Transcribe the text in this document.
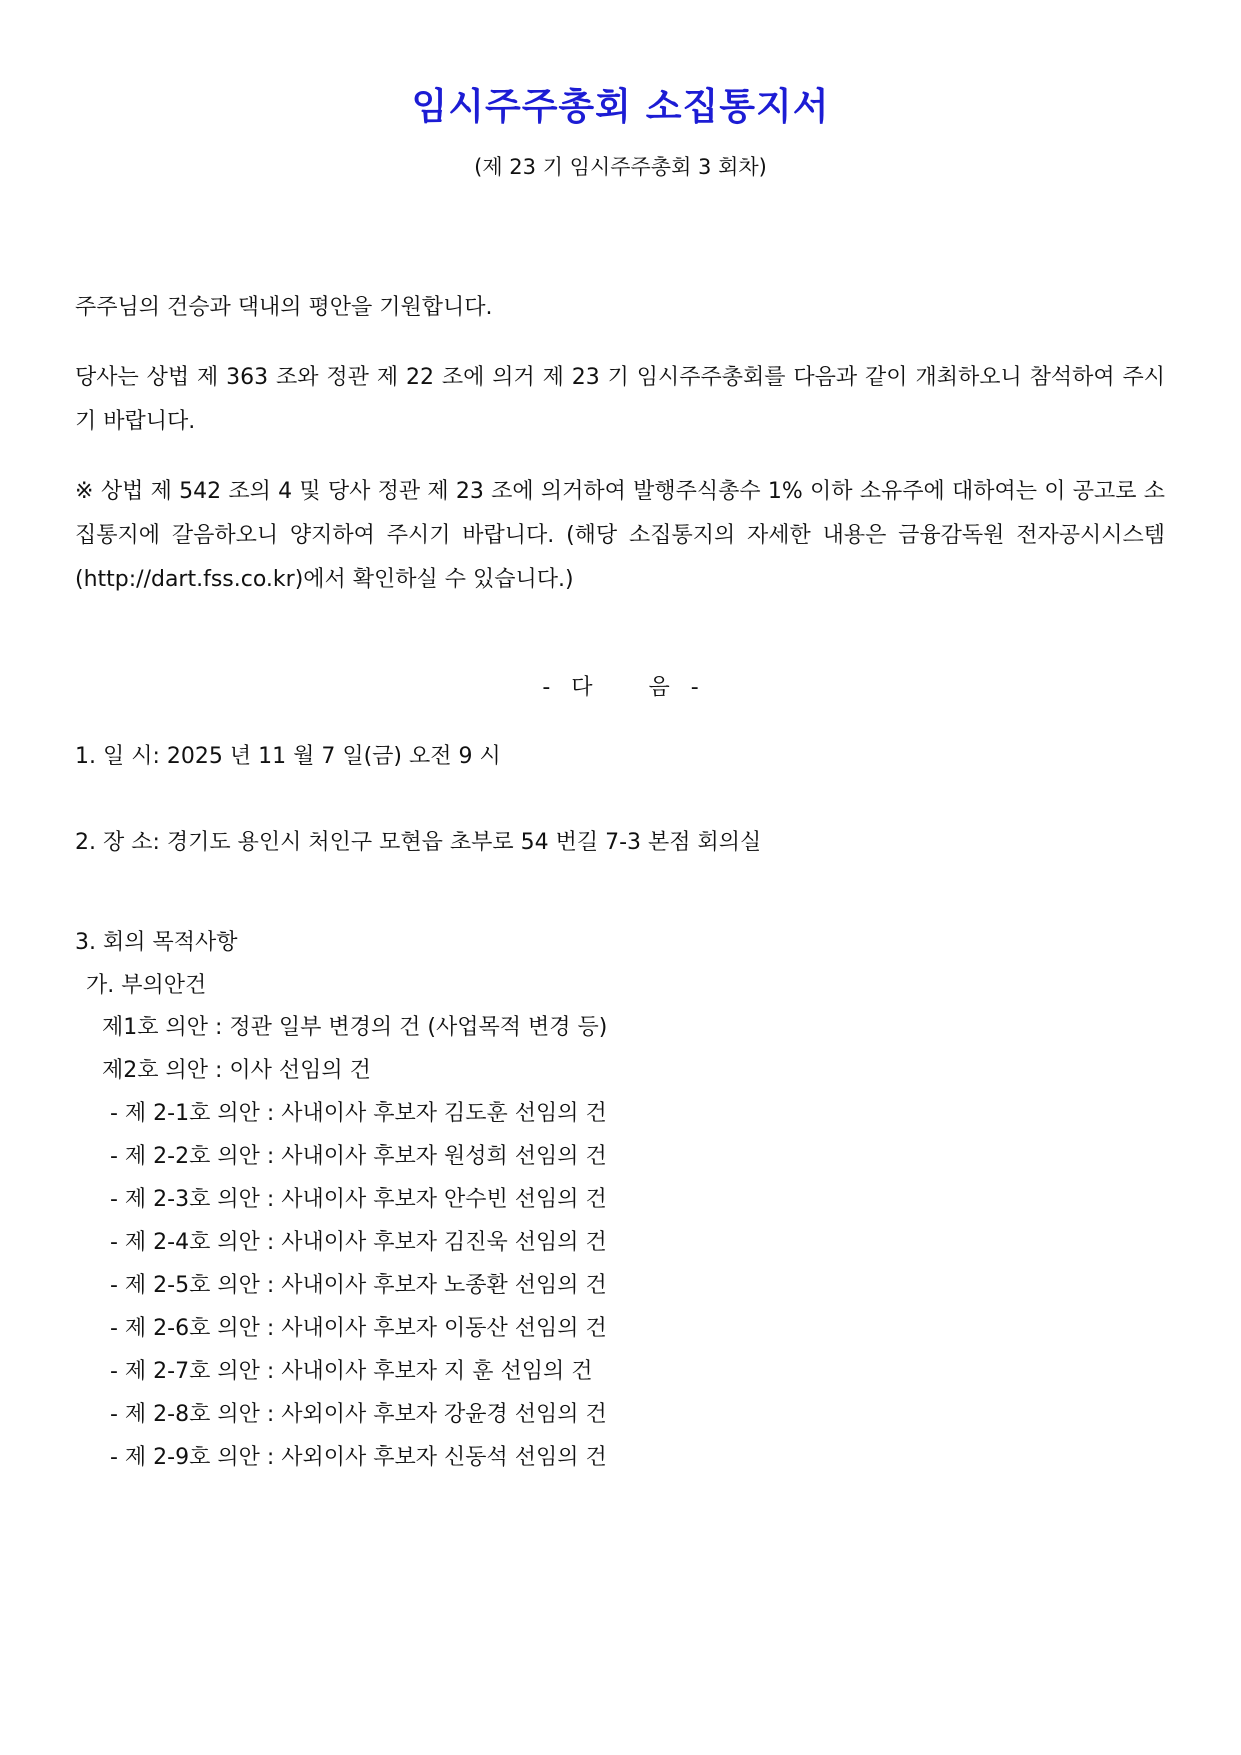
임시주주총회 소집통지서
(제 23 기 임시주주총회 3 회차)

주주님의 건승과 댁내의 평안을 기원합니다.

당사는 상법 제 363 조와 정관 제 22 조에 의거 제 23 기 임시주주총회를 다음과 같이 개최하오니 참석하여 주시기 바랍니다.

※ 상법 제 542 조의 4 및 당사 정관 제 23 조에 의거하여 발행주식총수 1% 이하 소유주에 대하여는 이 공고로 소집통지에 갈음하오니 양지하여 주시기 바랍니다. (해당 소집통지의 자세한 내용은 금융감독원 전자공시시스템(http://dart.fss.co.kr)에서 확인하실 수 있습니다.)

-   다        음   -
1. 일 시: 2025 년 11 월 7 일(금) 오전 9 시
2. 장 소: 경기도 용인시 처인구 모현읍 초부로 54 번길 7-3 본점 회의실
3. 회의 목적사항
가. 부의안건
제1호 의안 : 정관 일부 변경의 건 (사업목적 변경 등)
제2호 의안 : 이사 선임의 건
- 제 2-1호 의안 : 사내이사 후보자 김도훈 선임의 건
- 제 2-2호 의안 : 사내이사 후보자 원성희 선임의 건
- 제 2-3호 의안 : 사내이사 후보자 안수빈 선임의 건
- 제 2-4호 의안 : 사내이사 후보자 김진욱 선임의 건
- 제 2-5호 의안 : 사내이사 후보자 노종환 선임의 건
- 제 2-6호 의안 : 사내이사 후보자 이동산 선임의 건
- 제 2-7호 의안 : 사내이사 후보자 지 훈 선임의 건
- 제 2-8호 의안 : 사외이사 후보자 강윤경 선임의 건
- 제 2-9호 의안 : 사외이사 후보자 신동석 선임의 건
